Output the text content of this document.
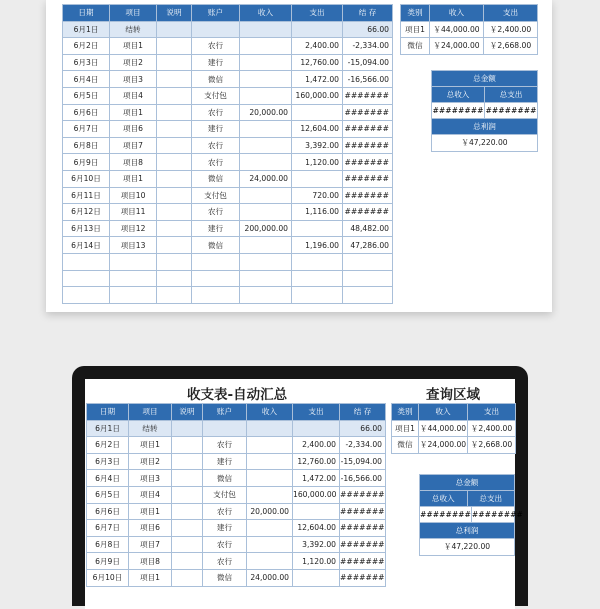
日期	项目	说明	账户	收入	支出	结 存
6月1日	结转					66.00
6月2日	项目1		农行		2,400.00	-2,334.00
6月3日	项目2		建行		12,760.00	-15,094.00
6月4日	项目3		微信		1,472.00	-16,566.00
6月5日	项目4		支付包		160,000.00	#######
6月6日	项目1		农行	20,000.00		#######
6月7日	项目6		建行		12,604.00	#######
6月8日	项目7		农行		3,392.00	#######
6月9日	项目8		农行		1,120.00	#######
6月10日	项目1		微信	24,000.00		#######
6月11日	项目10		支付包		720.00	#######
6月12日	项目11		农行		1,116.00	#######
6月13日	项目12		建行	200,000.00		48,482.00
6月14日	项目13		微信		1,196.00	47,286.00

类别	收入	支出
项目1	￥44,000.00	￥2,400.00
微信	￥24,000.00	￥2,668.00
总金额
总收入	总支出
######## ########
总利润
￥47,220.00
收支表-自动汇总	查询区域
日期	项目	说明	账户	收入	支出	结 存
6月1日	结转					66.00
6月2日	项目1		农行		2,400.00	-2,334.00
6月3日	项目2		建行		12,760.00	-15,094.00
6月4日	项目3		微信		1,472.00	-16,566.00
6月5日	项目4		支付包		160,000.00	#######
6月6日	项目1		农行	20,000.00		#######
6月7日	项目6		建行		12,604.00	#######
6月8日	项目7		农行		3,392.00	#######
6月9日	项目8		农行		1,120.00	#######
6月10日	项目1		微信	24,000.00		#######
类别	收入	支出
项目1	￥44,000.00	￥2,400.00
微信	￥24,000.00	￥2,668.00
总金额
总收入	总支出
######## ########
总利润
￥47,220.00
